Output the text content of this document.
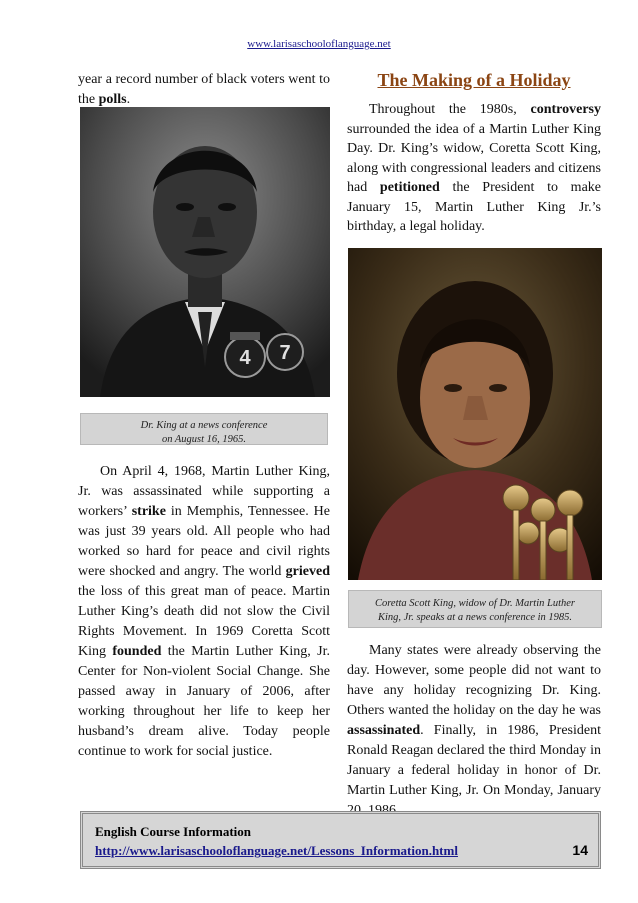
www.larisaschooloflanguage.net
year a record number of black voters went to the polls.
4 7
Dr. King at a news conference
on August 16, 1965.

On April 4, 1968, Martin Luther King, Jr. was assassinated while supporting a workers’ strike in Memphis, Tennessee. He was just 39 years old. All people who had worked so hard for peace and civil rights were shocked and angry. The world grieved the loss of this great man of peace. Martin Luther King’s death did not slow the Civil Rights Movement. In 1969 Coretta Scott King founded the Martin Luther King, Jr. Center for Non-violent Social Change. She passed away in January of 2006, after working throughout her life to keep her husband’s dream alive. Today people continue to work for social justice.

The Making of a Holiday

Throughout the 1980s, controversy surrounded the idea of a Martin Luther King Day. Dr. King’s widow, Coretta Scott King, along with congressional leaders and citizens had petitioned the President to make January 15, Martin Luther King Jr.’s birthday, a legal holiday.

Coretta Scott King, widow of Dr. Martin Luther
King, Jr. speaks at a news conference in 1985.

Many states were already observing the day. However, some people did not want to have any holiday recognizing Dr. King. Others wanted the holiday on the day he was assassinated. Finally, in 1986, President Ronald Reagan declared the third Monday in January a federal holiday in honor of Dr. Martin Luther King, Jr. On Monday, January

English Course Information
http://www.larisaschooloflanguage.net/Lessons_Information.html	14
